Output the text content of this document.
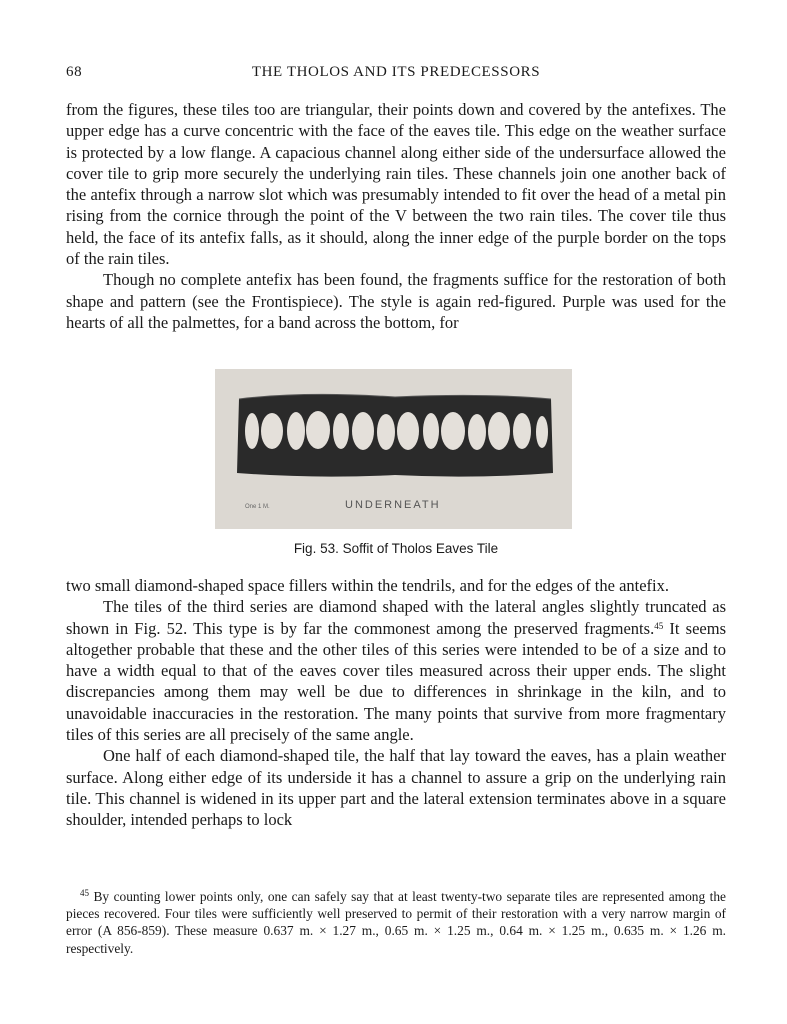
68	THE THOLOS AND ITS PREDECESSORS

from the figures, these tiles too are triangular, their points down and covered by the antefixes. The upper edge has a curve concentric with the face of the eaves tile. This edge on the weather surface is protected by a low flange. A capacious channel along either side of the undersurface allowed the cover tile to grip more securely the underlying rain tiles. These channels join one another back of the antefix through a narrow slot which was presumably intended to fit over the head of a metal pin rising from the cornice through the point of the V between the two rain tiles. The cover tile thus held, the face of its antefix falls, as it should, along the inner edge of the purple border on the tops of the rain tiles.

Though no complete antefix has been found, the fragments suffice for the restoration of both shape and pattern (see the Frontispiece). The style is again red-figured. Purple was used for the hearts of all the palmettes, for a band across the bottom, for

UNDERNEATH
One 1 M.
Fig. 53. Soffit of Tholos Eaves Tile

two small diamond-shaped space fillers within the tendrils, and for the edges of the antefix.

The tiles of the third series are diamond shaped with the lateral angles slightly truncated as shown in Fig. 52. This type is by far the commonest among the preserved fragments.$^{45}$ It seems altogether probable that these and the other tiles of this series were intended to be of a size and to have a width equal to that of the eaves cover tiles measured across their upper ends. The slight discrepancies among them may well be due to differences in shrinkage in the kiln, and to unavoidable inaccuracies in the restoration. The many points that survive from more fragmentary tiles of this series are all precisely of the same angle.

One half of each diamond-shaped tile, the half that lay toward the eaves, has a plain weather surface. Along either edge of its underside it has a channel to assure a grip on the underlying rain tile. This channel is widened in its upper part and the lateral extension terminates above in a square shoulder, intended perhaps to lock

$^{45}$ By counting lower points only, one can safely say that at least twenty-two separate tiles are represented among the pieces recovered. Four tiles were sufficiently well preserved to permit of their restoration with a very narrow margin of error (A 856-859). These measure 0.637 m. × 1.27 m., 0.65 m. × 1.25 m., 0.64 m. × 1.25 m., 0.635 m. × 1.26 m. respectively.
